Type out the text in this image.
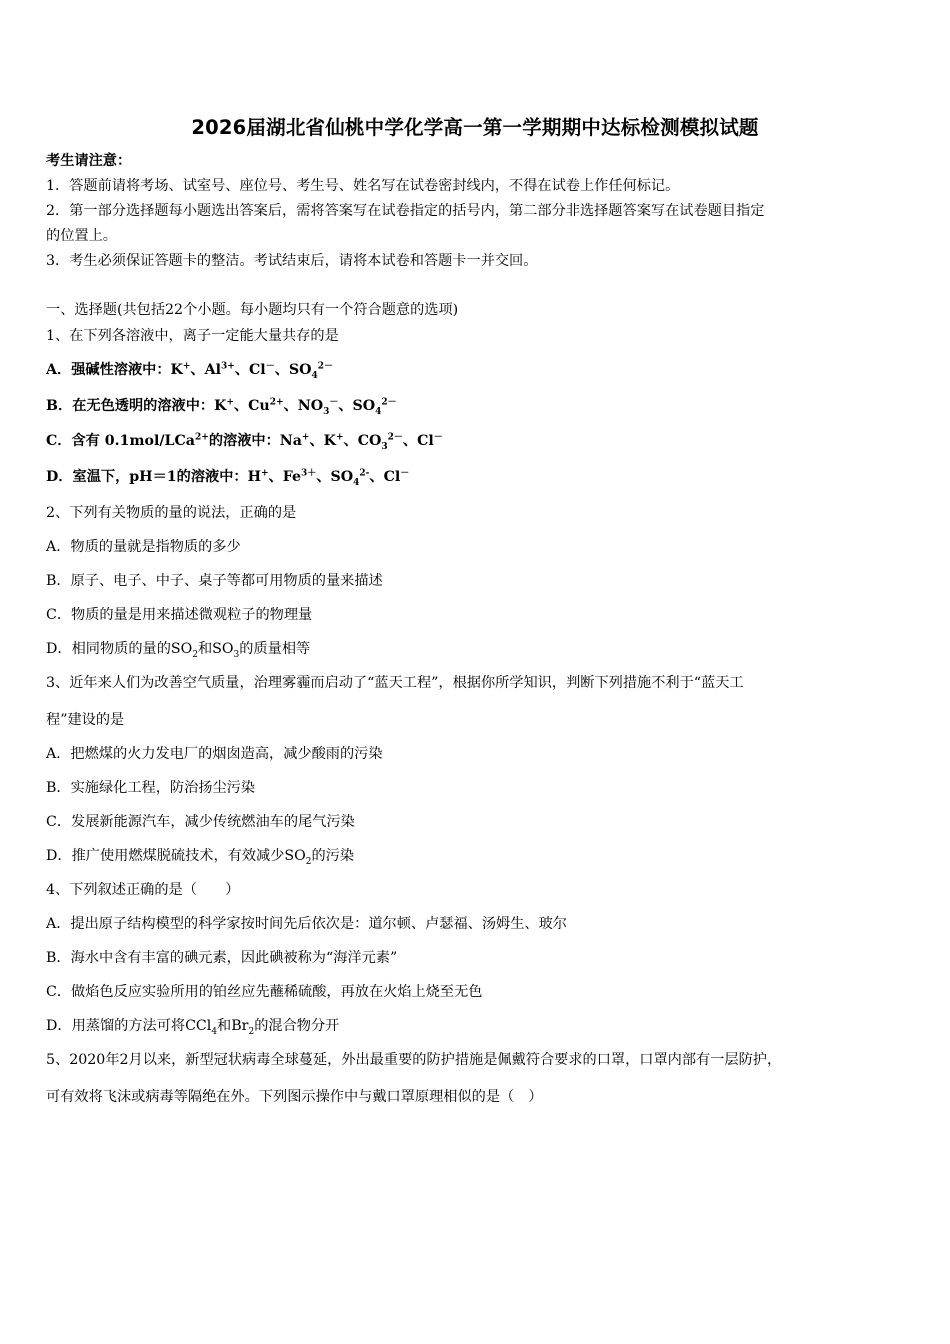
2026届湖北省仙桃中学化学高一第一学期期中达标检测模拟试题
考生请注意：
1．答题前请将考场、试室号、座位号、考生号、姓名写在试卷密封线内，不得在试卷上作任何标记。
2．第一部分选择题每小题选出答案后，需将答案写在试卷指定的括号内，第二部分非选择题答案写在试卷题目指定
的位置上。
3．考生必须保证答题卡的整洁。考试结束后，请将本试卷和答题卡一并交回。
一、选择题(共包括22个小题。每小题均只有一个符合题意的选项)
1、在下列各溶液中，离子一定能大量共存的是
A．强碱性溶液中：K+、$Al^{3+}$、Cl－、$SO_4^{2-}$
B．在无色透明的溶液中：K+、$Cu^{2+}$、$NO_3^-$、$SO_4^{2-}$
C．含有 0.1mol/LCa$^{2+}$的溶液中：Na+、K+、$CO_3^{2-}$、Cl－
D．室温下，pH＝1的溶液中：H+、$Fe^{3+}$、$SO_4^{2-}$、Cl－
2、下列有关物质的量的说法，正确的是
A．物质的量就是指物质的多少
B．原子、电子、中子、桌子等都可用物质的量来描述
C．物质的量是用来描述微观粒子的物理量
D．相同物质的量的$SO_2$和$SO_3$的质量相等
3、近年来人们为改善空气质量，治理雾霾而启动了“蓝天工程”，根据你所学知识，判断下列措施不利于“蓝天工
程”建设的是
A．把燃煤的火力发电厂的烟囱造高，减少酸雨的污染
B．实施绿化工程，防治扬尘污染
C．发展新能源汽车，减少传统燃油车的尾气污染
D．推广使用燃煤脱硫技术，有效减少$SO_2$的污染
4、下列叙述正确的是（　　）
A．提出原子结构模型的科学家按时间先后依次是：道尔顿、卢瑟福、汤姆生、玻尔
B．海水中含有丰富的碘元素，因此碘被称为“海洋元素”
C．做焰色反应实验所用的铂丝应先蘸稀硫酸，再放在火焰上烧至无色
D．用蒸馏的方法可将CCl$_4$和$Br_2$的混合物分开
5、2020年2月以来，新型冠状病毒全球蔓延，外出最重要的防护措施是佩戴符合要求的口罩，口罩内部有一层防护，
可有效将飞沫或病毒等隔绝在外。下列图示操作中与戴口罩原理相似的是（　）
